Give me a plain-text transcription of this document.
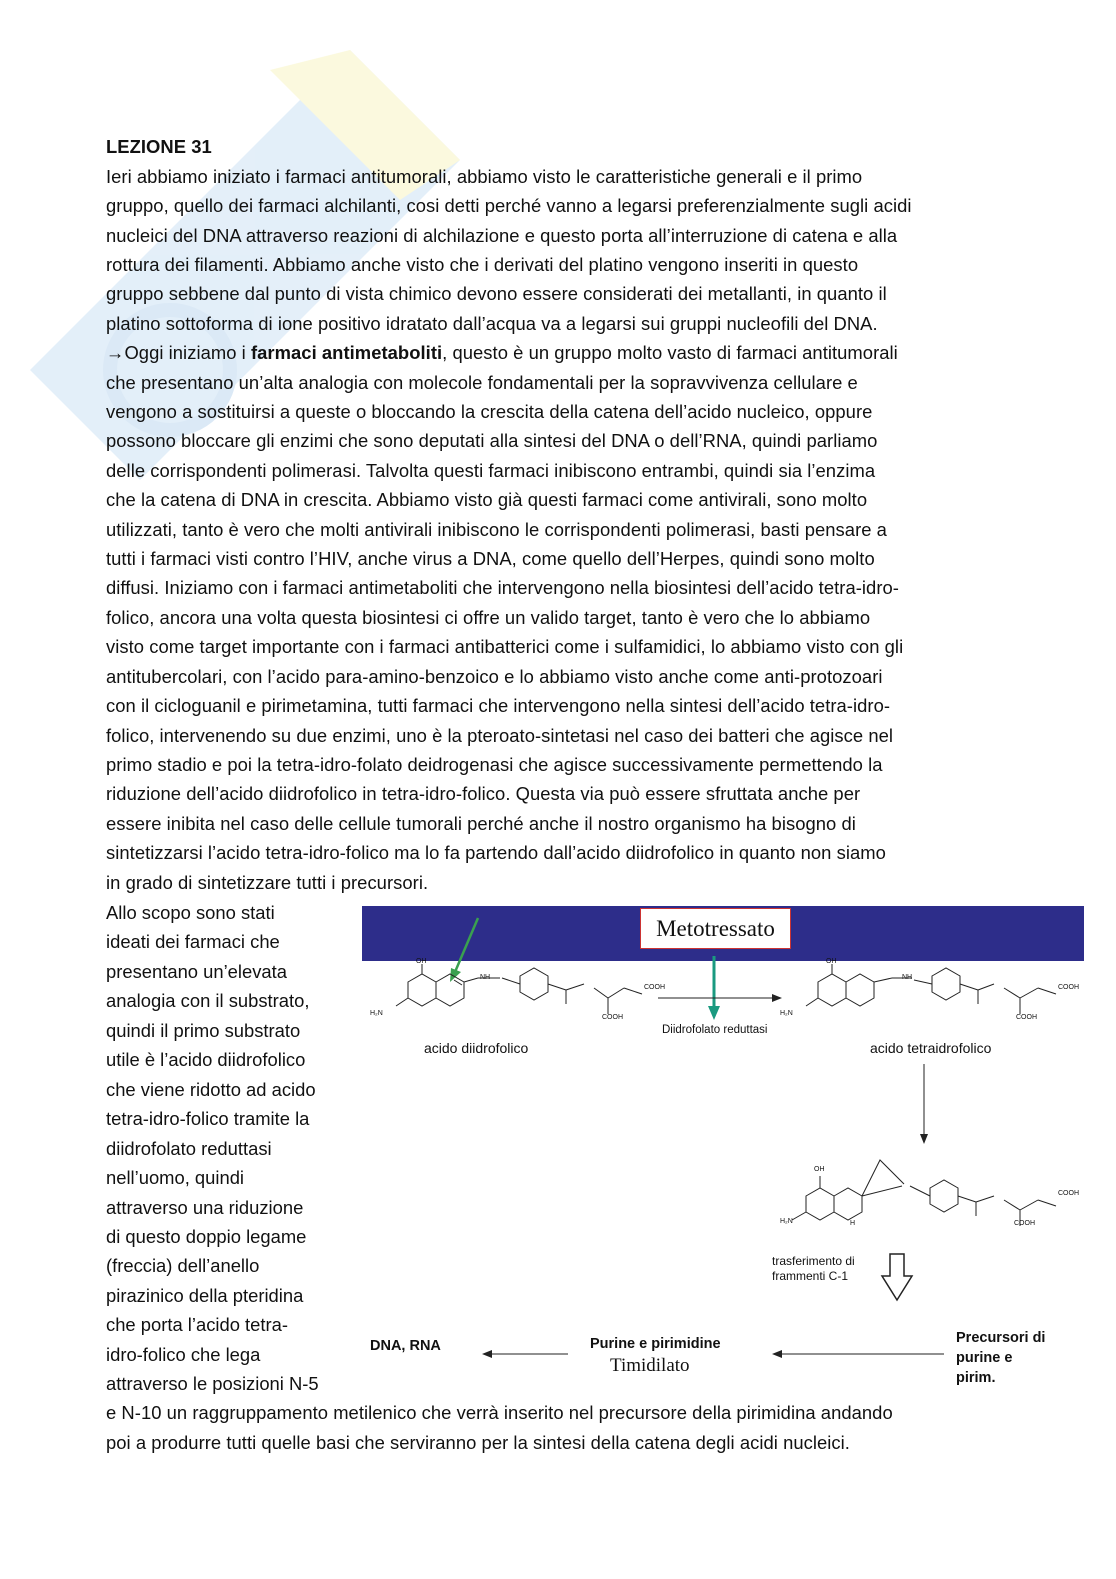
LEZIONE 31
Ieri abbiamo iniziato i farmaci antitumorali, abbiamo visto le caratteristiche generali e il primo
gruppo, quello dei farmaci alchilanti, cosi detti perché vanno a legarsi preferenzialmente sugli acidi
nucleici del DNA attraverso reazioni di alchilazione e questo porta all’interruzione di catena e alla
rottura dei filamenti. Abbiamo anche visto che i derivati del platino vengono inseriti in questo
gruppo sebbene dal punto di vista chimico devono essere considerati dei metallanti, in quanto il
platino sottoforma di ione positivo idratato dall’acqua va a legarsi sui gruppi nucleofili del DNA.
→Oggi iniziamo i farmaci antimetaboliti, questo è un gruppo molto vasto di farmaci antitumorali
che presentano un’alta analogia con molecole fondamentali per la sopravvivenza cellulare e
vengono a sostituirsi a queste o bloccando la crescita della catena dell’acido nucleico, oppure
possono bloccare gli enzimi che sono deputati alla sintesi del DNA o dell’RNA, quindi parliamo
delle corrispondenti polimerasi. Talvolta questi farmaci inibiscono entrambi, quindi sia l’enzima
che la catena di DNA in crescita. Abbiamo visto già questi farmaci come antivirali, sono molto
utilizzati, tanto è vero che molti antivirali inibiscono le corrispondenti polimerasi, basti pensare a
tutti i farmaci visti contro l’HIV, anche virus a DNA, come quello dell’Herpes, quindi sono molto
diffusi. Iniziamo con i farmaci antimetaboliti che intervengono nella biosintesi dell’acido tetra-idro-
folico, ancora una volta questa biosintesi ci offre un valido target, tanto è vero che lo abbiamo
visto come target importante con i farmaci antibatterici come i sulfamidici, lo abbiamo visto con gli
antitubercolari, con l’acido para-amino-benzoico e lo abbiamo visto anche come anti-protozoari
con il cicloguanil e pirimetamina, tutti farmaci che intervengono nella sintesi dell’acido tetra-idro-
folico, intervenendo su due enzimi, uno è la pteroato-sintetasi nel caso dei batteri che agisce nel
primo stadio e poi la tetra-idro-folato deidrogenasi che agisce successivamente permettendo la
riduzione dell’acido diidrofolico in tetra-idro-folico. Questa via può essere sfruttata anche per
essere inibita nel caso delle cellule tumorali perché anche il nostro organismo ha bisogno di
sintetizzarsi l’acido tetra-idro-folico ma lo fa partendo dall’acido diidrofolico in quanto non siamo
in grado di sintetizzare tutti i precursori.
Allo scopo sono stati
ideati dei farmaci che
presentano un’elevata
analogia con il substrato,
quindi il primo substrato
utile è l’acido diidrofolico
che viene ridotto ad acido
tetra-idro-folico tramite la
diidrofolato reduttasi
nell’uomo, quindi
attraverso una riduzione
di questo doppio legame
(freccia) dell’anello
pirazinico della pteridina
che porta l’acido tetra-
idro-folico che lega
attraverso le posizioni N-5
e N-10 un raggruppamento metilenico che verrà inserito nel precursore della pirimidina andando
poi a produrre tutti quelle basi che serviranno per la sintesi della catena degli acidi nucleici.
Metotressato
OH
H₂N
NH
COOH
COOH
OH
H₂N
NH
COOH
COOH
OH
H₂N
COOH
COOH
H
acido diidrofolico
Diidrofolato reduttasi
acido tetraidrofolico
trasferimento di
frammenti C-1
DNA, RNA	Purine e pirimidine
Timidilato
Precursori di
purine e
pirim.
